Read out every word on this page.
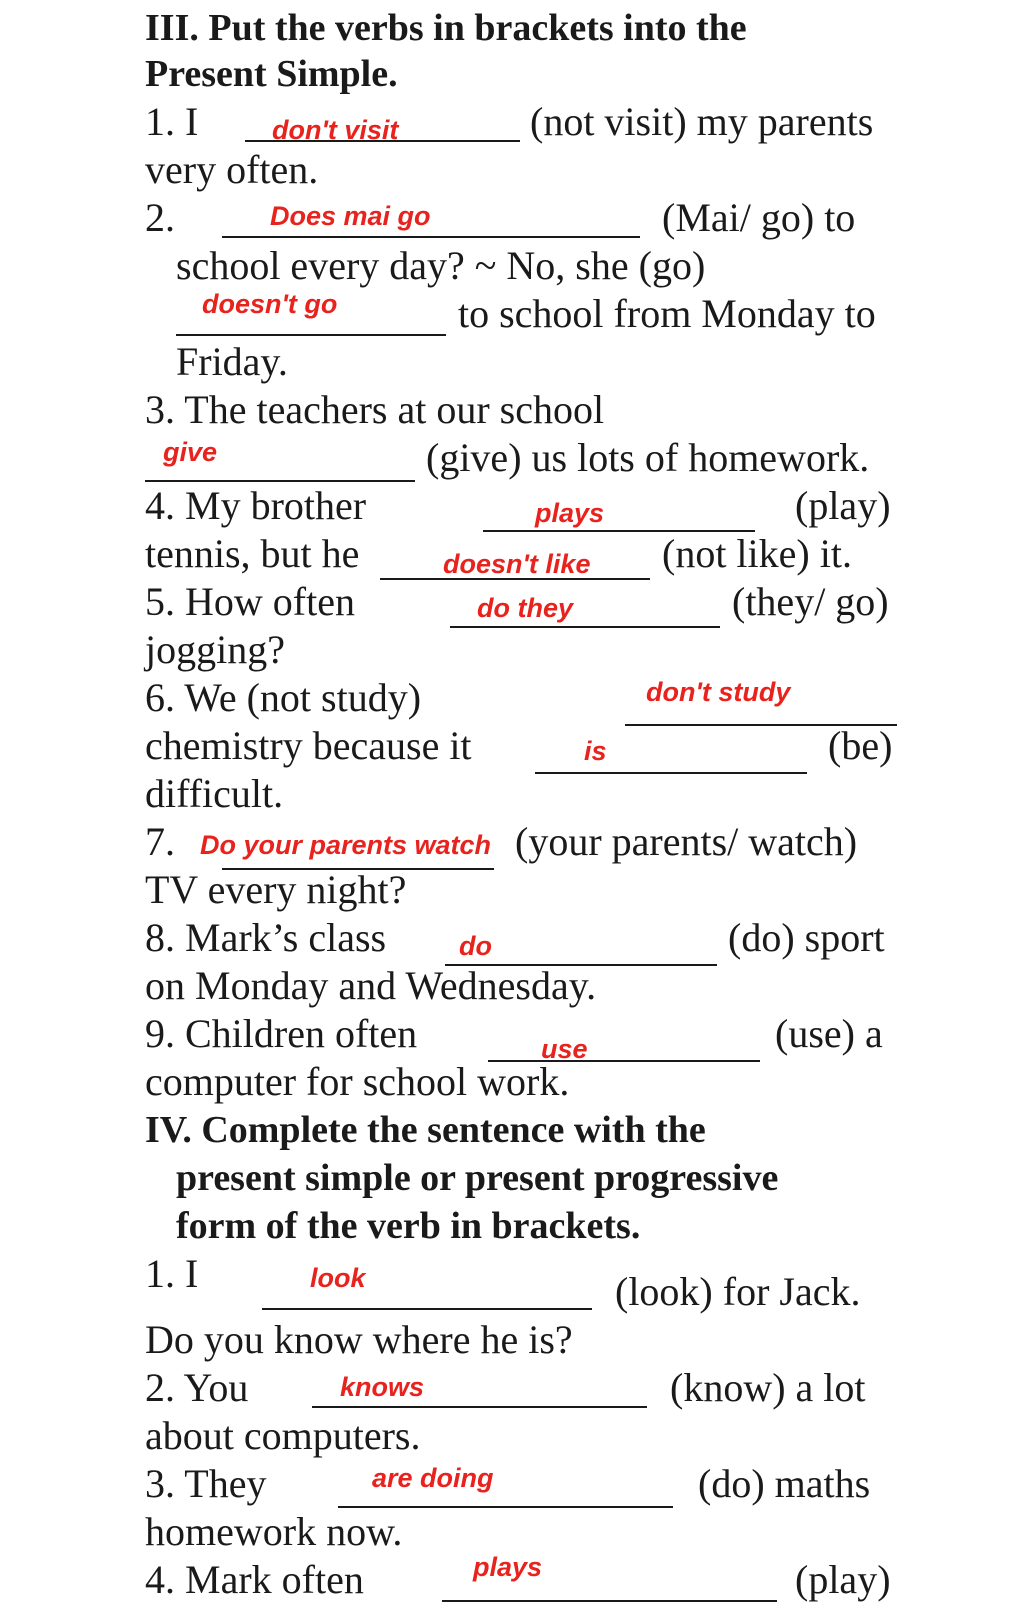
III. Put the verbs in brackets into the
Present Simple.
1. I	don't visit	(not visit) my parents
very often.
2.	Does mai go	(Mai/ go) to
school every day? ~ No, she (go)
doesn't go	to school from Monday to
Friday.
3. The teachers at our school
give	(give) us lots of homework.
4. My brother	plays	(play)
tennis, but he	doesn't like (not like) it.
5. How often	do they	(they/ go)
jogging?
6. We (not study)	don't study
chemistry because it	is	(be)
difficult.
7. Do your parents watch (your parents/ watch)
TV every night?
8. Mark’s class	do	(do) sport
on Monday and Wednesday.
9. Children often	use	(use) a
computer for school work.
IV. Complete the sentence with the
present simple or present progressive
form of the verb in brackets.
1. I	look	(look) for Jack.
Do you know where he is?
2. You	knows	(know) a lot
about computers.
3. They	are doing	(do) maths
homework now.
4. Mark often	plays	(play)
